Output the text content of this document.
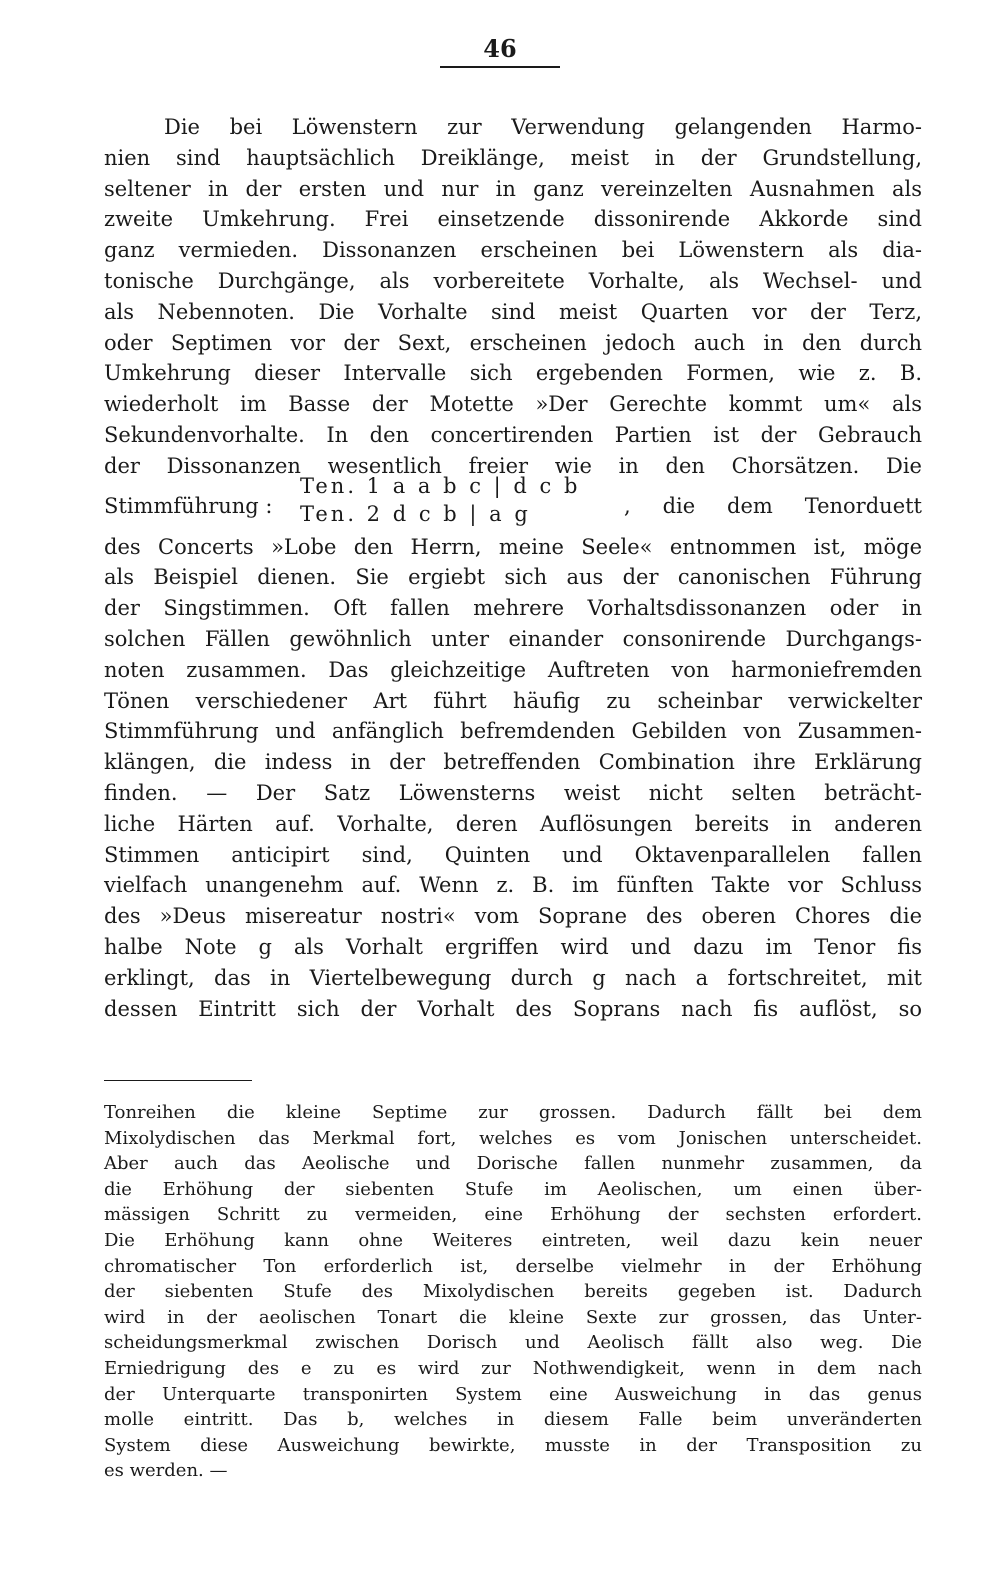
46
Die bei Löwenstern zur Verwendung gelangenden Harmo-
nien sind hauptsächlich Dreiklänge, meist in der Grundstellung,
seltener in der ersten und nur in ganz vereinzelten Ausnahmen als
zweite Umkehrung. Frei einsetzende dissonirende Akkorde sind
ganz vermieden. Dissonanzen erscheinen bei Löwenstern als dia-
tonische Durchgänge, als vorbereitete Vorhalte, als Wechsel- und
als Nebennoten. Die Vorhalte sind meist Quarten vor der Terz,
oder Septimen vor der Sext, erscheinen jedoch auch in den durch
Umkehrung dieser Intervalle sich ergebenden Formen, wie z. B.
wiederholt im Basse der Motette »Der Gerechte kommt um« als
Sekundenvorhalte. In den concertirenden Partien ist der Gebrauch
der Dissonanzen wesentlich freier wie in den Chorsätzen. Die
Stimmführung :
Ten. 1 a a b c | d c b
Ten. 2 d c b | a g	, die dem Tenorduett
des Concerts »Lobe den Herrn, meine Seele« entnommen ist, möge
als Beispiel dienen. Sie ergiebt sich aus der canonischen Führung
der Singstimmen. Oft fallen mehrere Vorhaltsdissonanzen oder in
solchen Fällen gewöhnlich unter einander consonirende Durchgangs-
noten zusammen. Das gleichzeitige Auftreten von harmoniefremden
Tönen verschiedener Art führt häufig zu scheinbar verwickelter
Stimmführung und anfänglich befremdenden Gebilden von Zusammen-
klängen, die indess in der betreffenden Combination ihre Erklärung
finden. — Der Satz Löwensterns weist nicht selten beträcht-
liche Härten auf. Vorhalte, deren Auflösungen bereits in anderen
Stimmen anticipirt sind, Quinten und Oktavenparallelen fallen
vielfach unangenehm auf. Wenn z. B. im fünften Takte vor Schluss
des »Deus misereatur nostri« vom Soprane des oberen Chores die
halbe Note g als Vorhalt ergriffen wird und dazu im Tenor fis
erklingt, das in Viertelbewegung durch g nach a fortschreitet, mit
dessen Eintritt sich der Vorhalt des Soprans nach fis auflöst, so
Tonreihen die kleine Septime zur grossen. Dadurch fällt bei dem
Mixolydischen das Merkmal fort, welches es vom Jonischen unterscheidet.
Aber auch das Aeolische und Dorische fallen nunmehr zusammen, da
die Erhöhung der siebenten Stufe im Aeolischen, um einen über-
mässigen Schritt zu vermeiden, eine Erhöhung der sechsten erfordert.
Die Erhöhung kann ohne Weiteres eintreten, weil dazu kein neuer
chromatischer Ton erforderlich ist, derselbe vielmehr in der Erhöhung
der siebenten Stufe des Mixolydischen bereits gegeben ist. Dadurch
wird in der aeolischen Tonart die kleine Sexte zur grossen, das Unter-
scheidungsmerkmal zwischen Dorisch und Aeolisch fällt also weg. Die
Erniedrigung des e zu es wird zur Nothwendigkeit, wenn in dem nach
der Unterquarte transponirten System eine Ausweichung in das genus
molle eintritt. Das b, welches in diesem Falle beim unveränderten
System diese Ausweichung bewirkte, musste in der Transposition zu
es werden. —
